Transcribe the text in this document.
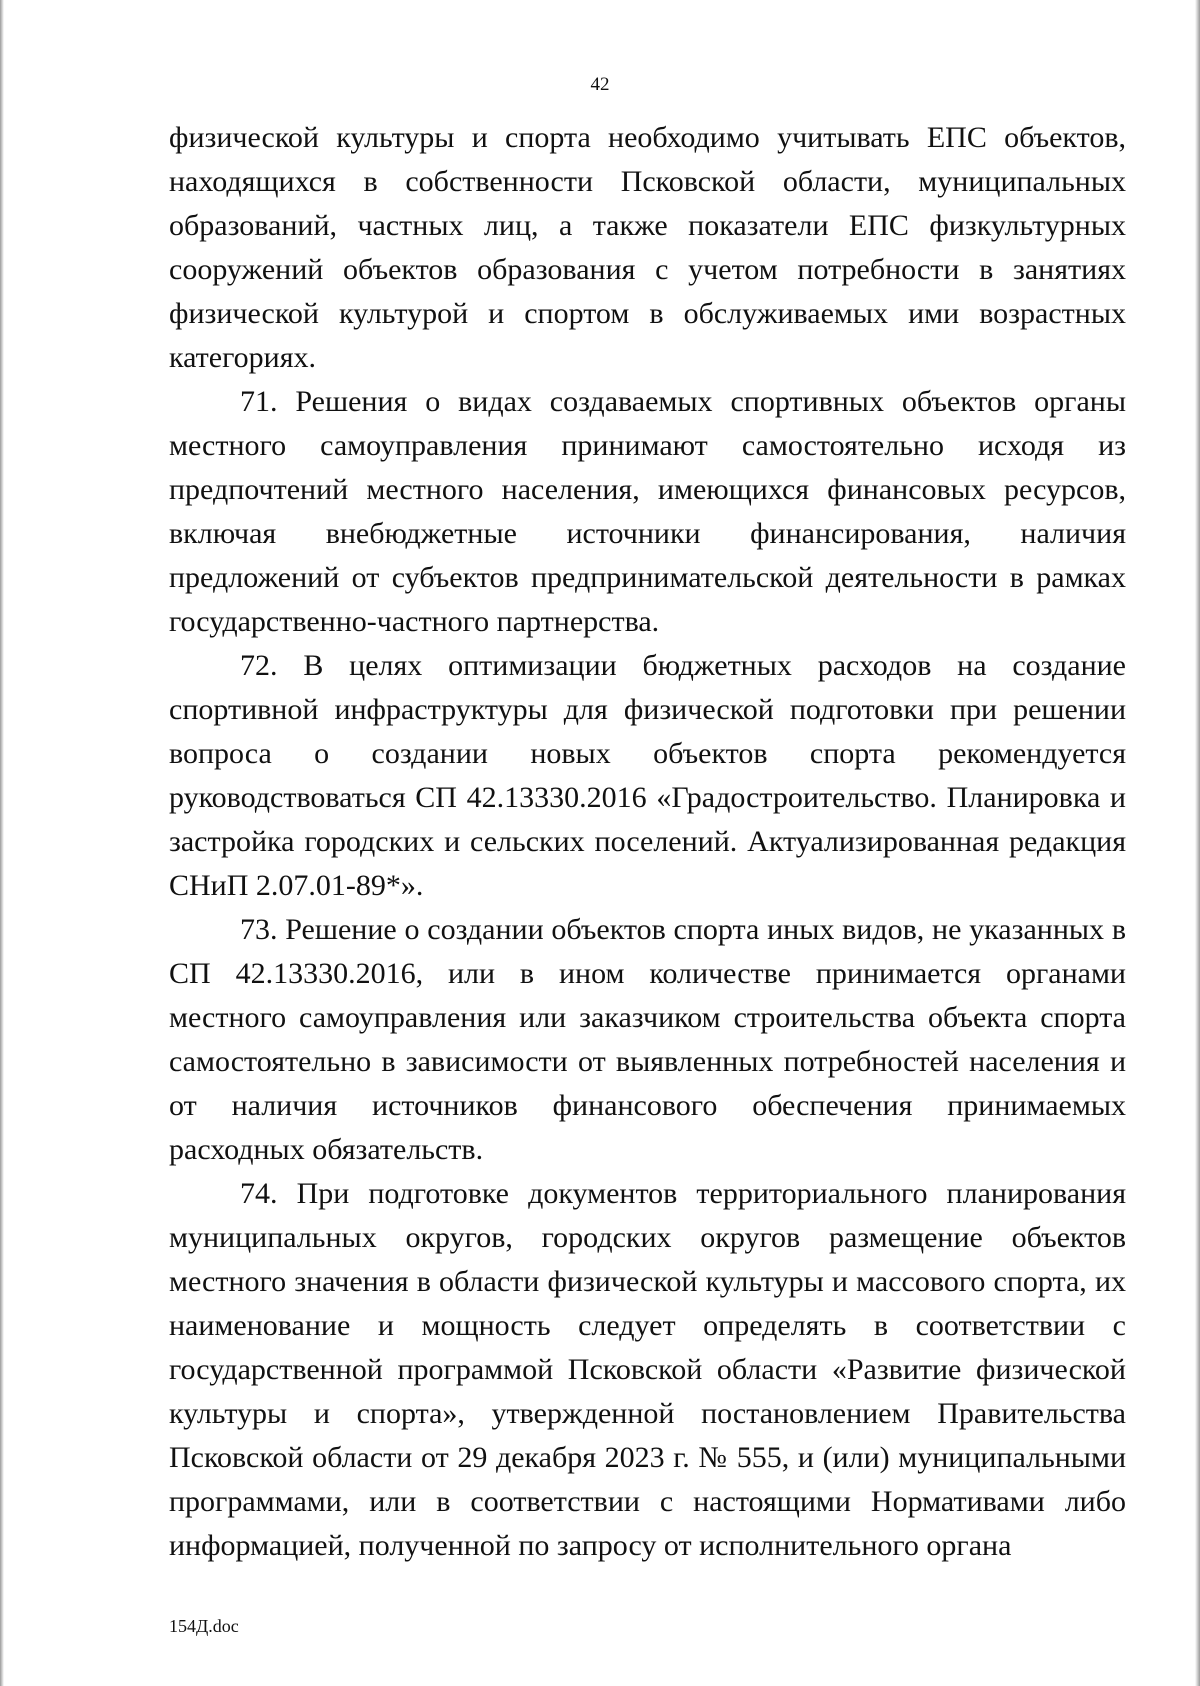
42

физической культуры и спорта необходимо учитывать ЕПС объектов, находящихся в собственности Псковской области, муниципальных образований, частных лиц, а также показатели ЕПС физкультурных сооружений объектов образования с учетом потребности в занятиях физической культурой и спортом в обслуживаемых ими возрастных категориях.

71. Решения о видах создаваемых спортивных объектов органы местного самоуправления принимают самостоятельно исходя из предпочтений местного населения, имеющихся финансовых ресурсов, включая внебюджетные источники финансирования, наличия предложений от субъектов предпринимательской деятельности в рамках государственно-частного партнерства.

72. В целях оптимизации бюджетных расходов на создание спортивной инфраструктуры для физической подготовки при решении вопроса о создании новых объектов спорта рекомендуется руководствоваться СП 42.13330.2016 «Градостроительство. Планировка и застройка городских и сельских поселений. Актуализированная редакция СНиП 2.07.01-89*».

73. Решение о создании объектов спорта иных видов, не указанных в СП 42.13330.2016, или в ином количестве принимается органами местного самоуправления или заказчиком строительства объекта спорта самостоятельно в зависимости от выявленных потребностей населения и от наличия источников финансового обеспечения принимаемых расходных обязательств.

74. При подготовке документов территориального планирования муниципальных округов, городских округов размещение объектов местного значения в области физической культуры и массового спорта, их наименование и мощность следует определять в соответствии с государственной программой Псковской области «Развитие физической культуры и спорта», утвержденной постановлением Правительства Псковской области от 29 декабря 2023 г. № 555, и (или) муниципальными программами, или в соответствии с настоящими Нормативами либо информацией, полученной по запросу от исполнительного органа

154Д.doc
